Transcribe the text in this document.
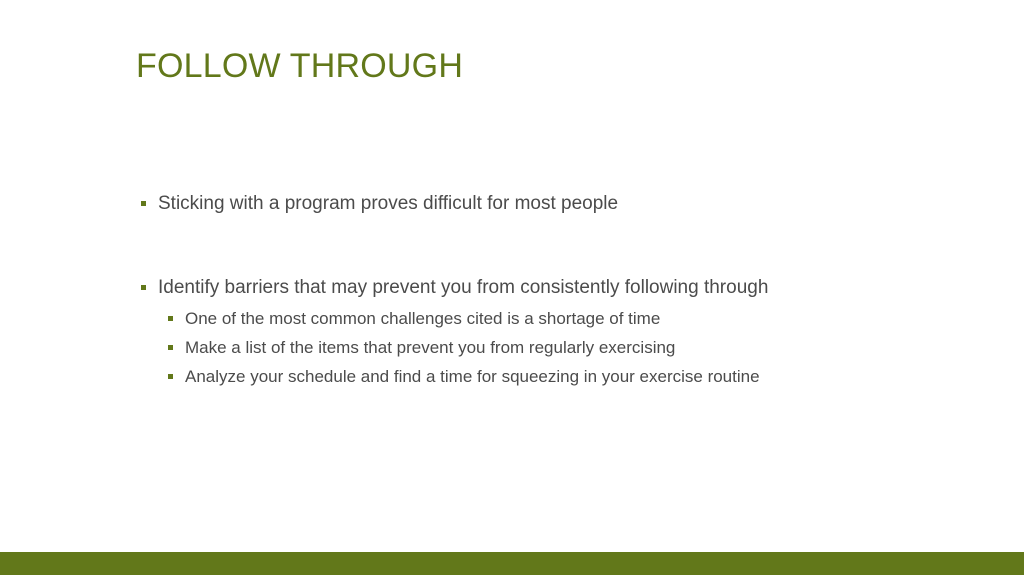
FOLLOW THROUGH
Sticking with a program proves difficult for most people
Identify barriers that may prevent you from consistently following through
One of the most common challenges cited is a shortage of time
Make a list of the items that prevent you from regularly exercising
Analyze your schedule and find a time for squeezing in your exercise routine
